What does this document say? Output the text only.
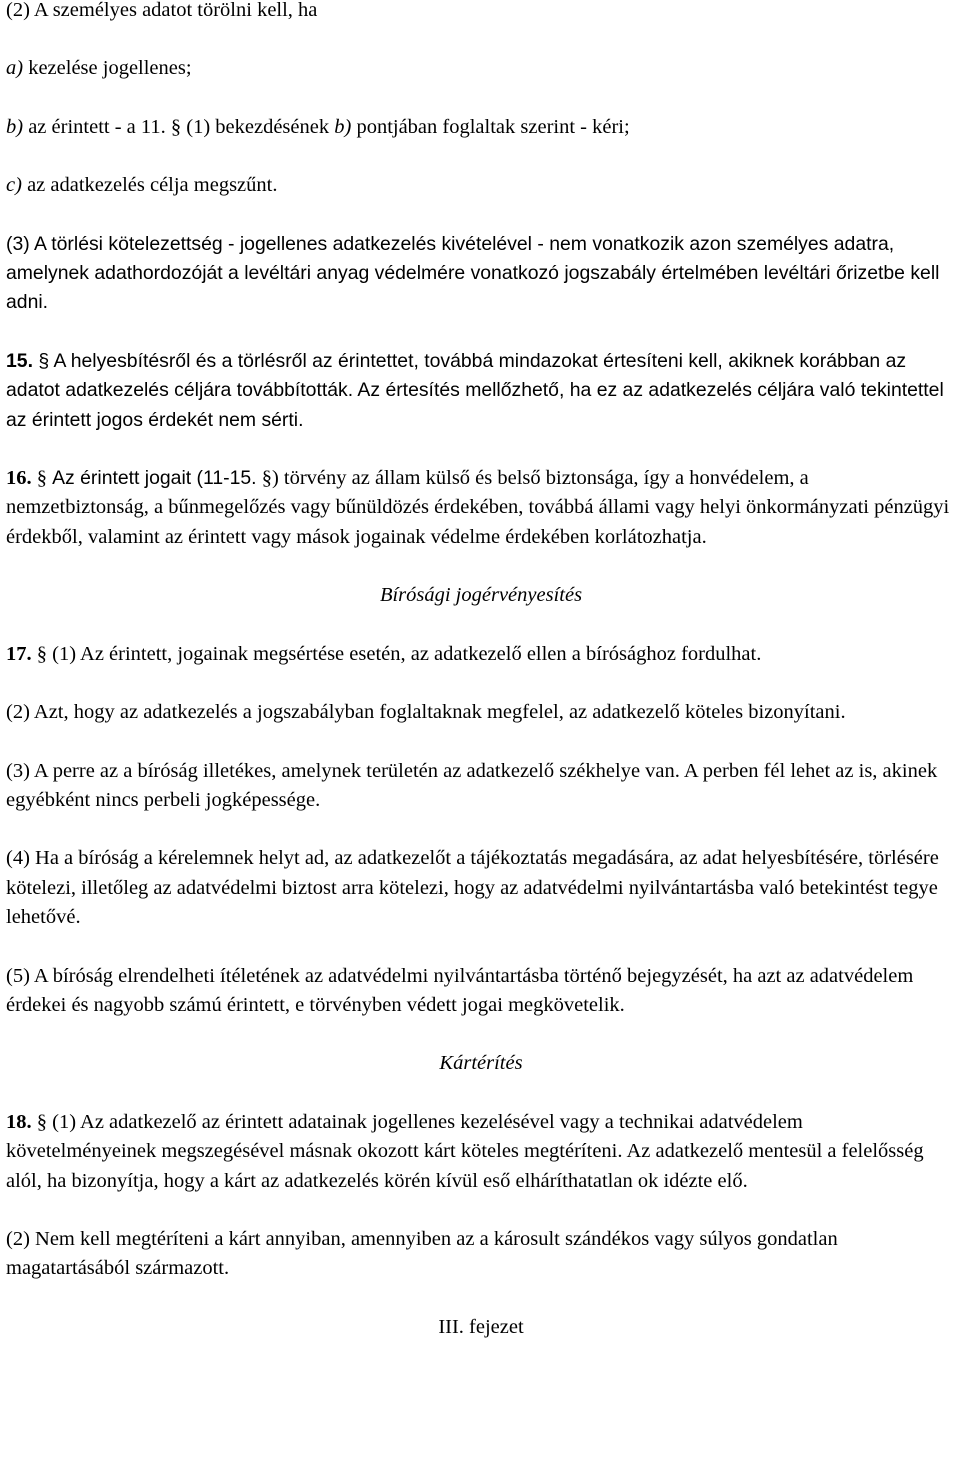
(2) A személyes adatot törölni kell, ha

a) kezelése jogellenes;

b) az érintett - a 11. § (1) bekezdésének b) pontjában foglaltak szerint - kéri;

c) az adatkezelés célja megszűnt.

(3) A törlési kötelezettség - jogellenes adatkezelés kivételével - nem vonatkozik azon személyes adatra, amelynek adathordozóját a levéltári anyag védelmére vonatkozó jogszabály értelmében levéltári őrizetbe kell adni.

15. § A helyesbítésről és a törlésről az érintettet, továbbá mindazokat értesíteni kell, akiknek korábban az adatot adatkezelés céljára továbbították. Az értesítés mellőzhető, ha ez az adatkezelés céljára való tekintettel az érintett jogos érdekét nem sérti.

16. § Az érintett jogait (11-15. §) törvény az állam külső és belső biztonsága, így a honvédelem, a nemzetbiztonság, a bűnmegelőzés vagy bűnüldözés érdekében, továbbá állami vagy helyi önkormányzati pénzügyi érdekből, valamint az érintett vagy mások jogainak védelme érdekében korlátozhatja.

Bírósági jogérvényesítés

17. § (1) Az érintett, jogainak megsértése esetén, az adatkezelő ellen a bírósághoz fordulhat.

(2) Azt, hogy az adatkezelés a jogszabályban foglaltaknak megfelel, az adatkezelő köteles bizonyítani.

(3) A perre az a bíróság illetékes, amelynek területén az adatkezelő székhelye van. A perben fél lehet az is, akinek egyébként nincs perbeli jogképessége.

(4) Ha a bíróság a kérelemnek helyt ad, az adatkezelőt a tájékoztatás megadására, az adat helyesbítésére, törlésére kötelezi, illetőleg az adatvédelmi biztost arra kötelezi, hogy az adatvédelmi nyilvántartásba való betekintést tegye lehetővé.

(5) A bíróság elrendelheti ítéletének az adatvédelmi nyilvántartásba történő bejegyzését, ha azt az adatvédelem érdekei és nagyobb számú érintett, e törvényben védett jogai megkövetelik.

Kártérítés

18. § (1) Az adatkezelő az érintett adatainak jogellenes kezelésével vagy a technikai adatvédelem követelményeinek megszegésével másnak okozott kárt köteles megtéríteni. Az adatkezelő mentesül a felelősség alól, ha bizonyítja, hogy a kárt az adatkezelés körén kívül eső elháríthatatlan ok idézte elő.

(2) Nem kell megtéríteni a kárt annyiban, amennyiben az a károsult szándékos vagy súlyos gondatlan magatartásából származott.

III. fejezet
